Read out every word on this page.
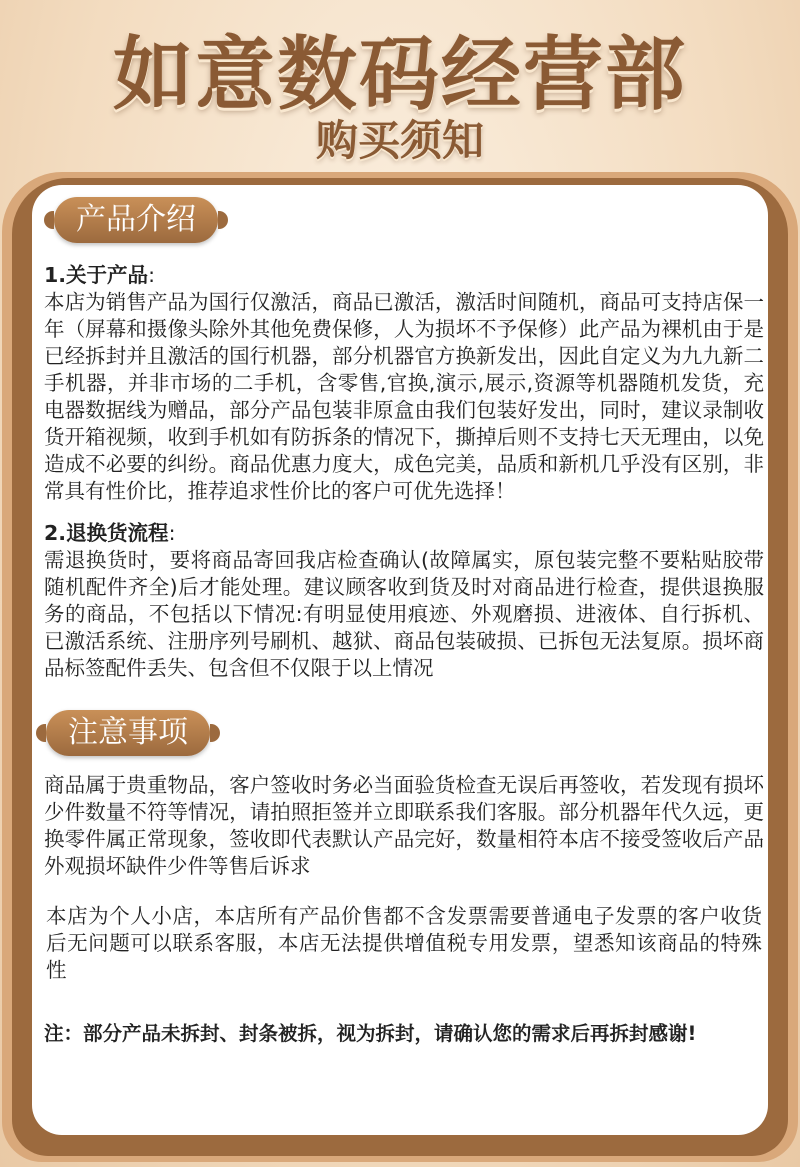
如意数码经营部
购买须知
产品介绍
1.关于产品:
本店为销售产品为国行仅激活，商品已激活，激活时间随机，商品可支持店保一年（屏幕和摄像头除外其他免费保修，人为损坏不予保修）此产品为裸机由于是已经拆封并且激活的国行机器，部分机器官方换新发出，因此自定义为九九新二手机器，并非市场的二手机，含零售,官换,演示,展示,资源等机器随机发货，充电器数据线为赠品，部分产品包装非原盒由我们包装好发出，同时，建议录制收货开箱视频，收到手机如有防拆条的情况下，撕掉后则不支持七天无理由，以免造成不必要的纠纷。商品优惠力度大，成色完美，品质和新机几乎没有区别，非常具有性价比，推荐追求性价比的客户可优先选择！
2.退换货流程:
需退换货时，要将商品寄回我店检查确认(故障属实，原包装完整不要粘贴胶带随机配件齐全)后才能处理。建议顾客收到货及时对商品进行检查，提供退换服务的商品，不包括以下情况:有明显使用痕迹、外观磨损、进液体、自行拆机、已激活系统、注册序列号刷机、越狱、商品包装破损、已拆包无法复原。损坏商品标签配件丢失、包含但不仅限于以上情况
注意事项
商品属于贵重物品，客户签收时务必当面验货检查无误后再签收，若发现有损坏少件数量不符等情况，请拍照拒签并立即联系我们客服。部分机器年代久远，更换零件属正常现象，签收即代表默认产品完好，数量相符本店不接受签收后产品外观损坏缺件少件等售后诉求
本店为个人小店，本店所有产品价售都不含发票需要普通电子发票的客户收货后无问题可以联系客服，本店无法提供增值税专用发票，望悉知该商品的特殊性
注：部分产品未拆封、封条被拆，视为拆封，请确认您的需求后再拆封感谢!
